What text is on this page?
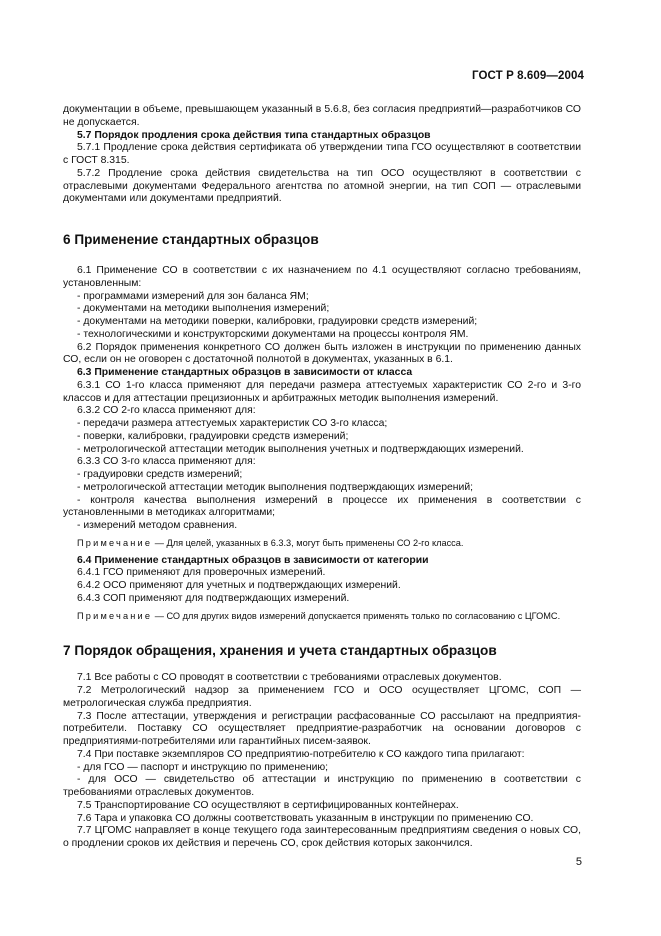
ГОСТ Р 8.609—2004

документации в объеме, превышающем указанный в 5.6.8, без согласия предприятий—разработчиков СО не допускается.

5.7 Порядок продления срока действия типа стандартных образцов

5.7.1 Продление срока действия сертификата об утверждении типа ГСО осуществляют в соответствии с ГОСТ 8.315.

5.7.2 Продление срока действия свидетельства на тип ОСО осуществляют в соответствии с отраслевыми документами Федерального агентства по атомной энергии, на тип СОП — отраслевыми документами или документами предприятий.

6 Применение стандартных образцов

6.1 Применение СО в соответствии с их назначением по 4.1 осуществляют согласно требованиям, установленным:

- программами измерений для зон баланса ЯМ;

- документами на методики выполнения измерений;

- документами на методики поверки, калибровки, градуировки средств измерений;

- технологическими и конструкторскими документами на процессы контроля ЯМ.

6.2 Порядок применения конкретного СО должен быть изложен в инструкции по применению данных СО, если он не оговорен с достаточной полнотой в документах, указанных в 6.1.

6.3 Применение стандартных образцов в зависимости от класса

6.3.1 СО 1-го класса применяют для передачи размера аттестуемых характеристик СО 2-го и 3-го классов и для аттестации прецизионных и арбитражных методик выполнения измерений.

6.3.2 СО 2-го класса применяют для:

- передачи размера аттестуемых характеристик СО 3-го класса;

- поверки, калибровки, градуировки средств измерений;

- метрологической аттестации методик выполнения учетных и подтверждающих измерений.

6.3.3 СО 3-го класса применяют для:

- градуировки средств измерений;

- метрологической аттестации методик выполнения подтверждающих измерений;

- контроля качества выполнения измерений в процессе их применения в соответствии с установленными в методиках алгоритмами;

- измерений методом сравнения.

Примечание — Для целей, указанных в 6.3.3, могут быть применены СО 2-го класса.

6.4 Применение стандартных образцов в зависимости от категории

6.4.1 ГСО применяют для проверочных измерений.

6.4.2 ОСО применяют для учетных и подтверждающих измерений.

6.4.3 СОП применяют для подтверждающих измерений.

Примечание — СО для других видов измерений допускается применять только по согласованию с ЦГОМС.

7 Порядок обращения, хранения и учета стандартных образцов

7.1 Все работы с СО проводят в соответствии с требованиями отраслевых документов.

7.2 Метрологический надзор за применением ГСО и ОСО осуществляет ЦГОМС, СОП — метрологическая служба предприятия.

7.3 После аттестации, утверждения и регистрации расфасованные СО рассылают на предприятия-потребители. Поставку СО осуществляет предприятие-разработчик на основании договоров с предприятиями-потребителями или гарантийных писем-заявок.

7.4 При поставке экземпляров СО предприятию-потребителю к СО каждого типа прилагают:

- для ГСО — паспорт и инструкцию по применению;

- для ОСО — свидетельство об аттестации и инструкцию по применению в соответствии с требованиями отраслевых документов.

7.5 Транспортирование СО осуществляют в сертифицированных контейнерах.

7.6 Тара и упаковка СО должны соответствовать указанным в инструкции по применению СО.

7.7 ЦГОМС направляет в конце текущего года заинтересованным предприятиям сведения о новых СО, о продлении сроков их действия и перечень СО, срок действия которых закончился.

5
